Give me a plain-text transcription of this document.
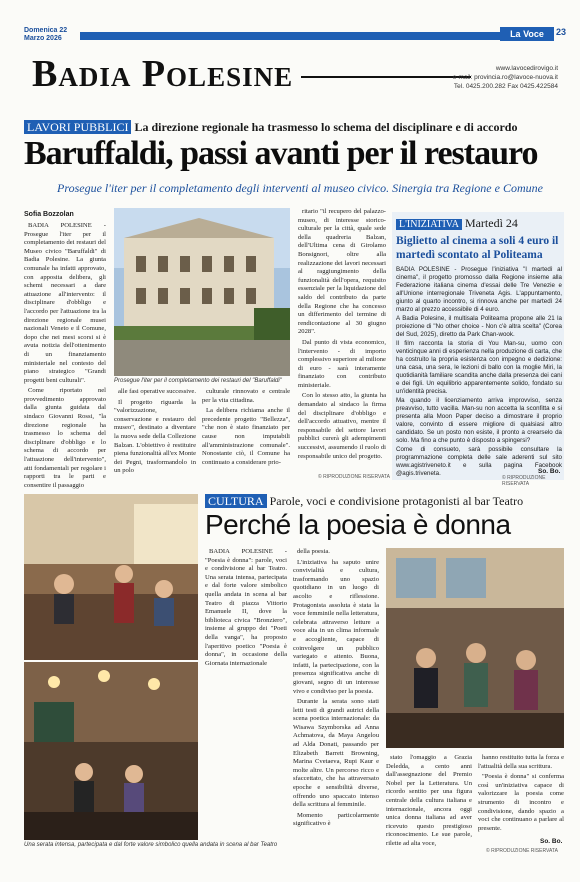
Domenica 22
Marzo 2026	La Voce	23
Badia Polesine	www.lavocedirovigo.it
e-mail: provincia.ro@lavoce-nuova.it
Tel. 0425.200.282 Fax 0425.422584
LAVORI PUBBLICI La direzione regionale ha trasmesso lo schema del disciplinare e di accordo
Baruffaldi, passi avanti per il restauro
Prosegue l'iter per il completamento degli interventi al museo civico. Sinergia tra Regione e Comune
Sofia Bozzolan

BADIA POLESINE - Prosegue l'iter per il completamento dei restauri del Museo civico "Baruffaldi" di Badia Polesine. La giunta comunale ha infatti approvato, con apposita delibera, gli schemi necessari a dare attuazione all'intervento: il disciplinare d'obbligo e l'accordo per l'attuazione tra la direzione regionale musei nazionali Veneto e il Comune, dopo che nei mesi scorsi si è avuta notizia dell'ottenimento di un finanziamento ministeriale nel contesto del piano strategico "Grandi progetti beni culturali".

Come riportato nel provvedimento approvato dalla giunta guidata dal sindaco Giovanni Rossi, "la direzione regionale ha trasmesso lo schema del disciplinare d'obbligo e lo schema di accordo per l'attuazione dell'intervento", atti fondamentali per regolare i rapporti tra le parti e consentire il passaggio

Prosegue l'iter per il completamento dei restauri del "Baruffaldi"

alle fasi operative successive.

Il progetto riguarda la "valorizzazione, conservazione e restauro del museo", destinato a diventare la nuova sede della Collezione Balzan. L'obiettivo è restituire piena funzionalità all'ex Monte dei Pegni, trasformandolo in un polo

culturale rinnovato e centrale per la vita cittadina.

La delibera richiama anche il precedente progetto "Bellezza", "che non è stato finanziato per cause non imputabili all'amministrazione comunale". Nonostante ciò, il Comune ha continuato a considerare prio-

ritario "il recupero del palazzo-museo, di interesse storico-culturale per la città, quale sede della quadreria Balzan, dell'Ultima cena di Girolamo Bonsignori, oltre alla realizzazione dei lavori necessari al raggiungimento della funzionalità dell'opera, requisito essenziale per la liquidazione del saldo del contributo da parte della Regione che ha concesso un differimento del termine di rendicontazione al 30 giugno 2028".

Dal punto di vista economico, l'intervento - di importo complessivo superiore al milione di euro - sarà interamente finanziato con contributo ministeriale.

Con lo stesso atto, la giunta ha demandato al sindaco la firma del disciplinare d'obbligo e dell'accordo attuativo, mentre il responsabile del settore lavori pubblici curerà gli adempimenti successivi, assumendo il ruolo di responsabile unico del progetto.

© RIPRODUZIONE RISERVATA
L'INIZIATIVA Martedì 24
Biglietto al cinema a soli 4 euro il martedì scontato al Politeama

BADIA POLESINE - Prosegue l'iniziativa "I martedì al cinema", il progetto promosso dalla Regione insieme alla Federazione italiana cinema d'essai delle Tre Venezie e all'Unione interregionale Triveneta Agis. L'appuntamento, giunto al quarto incontro, si rinnova anche per martedì 24 marzo al prezzo accessibile di 4 euro.

A Badia Polesine, il multisala Politeama propone alle 21 la proiezione di "No other choice - Non c'è altra scelta" (Corea del Sud, 2025), diretto da Park Chan-wook.

Il film racconta la storia di You Man-su, uomo con venticinque anni di esperienza nella produzione di carta, che ha costruito la propria esistenza con impegno e dedizione: una casa, una sera, le lezioni di ballo con la moglie Miri, la quotidianità familiare scandita anche dalla presenza dei cani e dei figli. Un equilibrio apparentemente solido, fondato su un'identità precisa.

Ma quando il licenziamento arriva improvviso, senza preavviso, tutto vacilla. Man-su non accetta la sconfitta e si presenta alla Moon Paper deciso a dimostrare il proprio valore, convinto di essere migliore di qualsiasi altro candidato. Se un posto non esiste, il pronto a crearselo da solo. Ma fino a che punto è disposto a spingersi?

Come di consueto, sarà possibile consultare la programmazione completa delle sale aderenti sul sito www.agistriveneto.it e sulla pagina Facebook @agis.triveneta.	So. Bo.
© RIPRODUZIONE RISERVATA
Una serata intensa, partecipata e dal forte valore simbolico quella andata in scena al bar Teatro
CULTURA Parole, voci e condivisione protagonisti al bar Teatro
Perché la poesia è donna

BADIA POLESINE - "Poesia è donna": parole, voci e condivisione al bar Teatro. Una serata intensa, partecipata e dal forte valore simbolico quella andata in scena al bar Teatro di piazza Vittorio Emanuele II, dove la biblioteca civica "Bronziero", insieme al gruppo dei "Poeti della vanga", ha proposto l'aperitivo poetico "Poesia è donna", in occasione della Giornata internazionale

della poesia.

L'iniziativa ha saputo unire convivialità e cultura, trasformando uno spazio quotidiano in un luogo di ascolto e riflessione. Protagonista assoluta è stata la voce femminile nella letteratura, celebrata attraverso letture a voce alta in un clima informale e accogliente, capace di coinvolgere un pubblico variegato e attento. Buona, infatti, la partecipazione, con la presenza significativa anche di giovani, segno di un interesse vivo e condiviso per la poesia.

Durante la serata sono stati letti testi di grandi autrici della scena poetica internazionale: da Wisawa Szymborska ad Anna Achmatova, da Maya Angelou ad Alda Donati, passando per Elizabeth Barrett Browning, Marina Cvetaeva, Rupi Kaur e molte altre. Un percorso ricco e sfaccettato, che ha attraversato epoche e sensibilità diverse, offrendo uno spaccato intenso della scrittura al femminile.

Momento particolarmente significativo è

stato l'omaggio a Grazia Deledda, a cento anni dall'assegnazione del Premio Nobel per la Letteratura. Un ricordo sentito per una figura centrale della cultura italiana e internazionale, ancora oggi unica donna italiana ad aver ricevuto questo prestigioso riconoscimento. Le sue parole, rilette ad alta voce,

hanno restituito tutta la forza e l'attualità della sua scrittura.

"Poesia è donna" si conferma così un'iniziativa capace di valorizzare la poesia come strumento di incontro e condivisione, dando spazio a voci che continuano a parlare al presente.

So. Bo.
© RIPRODUZIONE RISERVATA
